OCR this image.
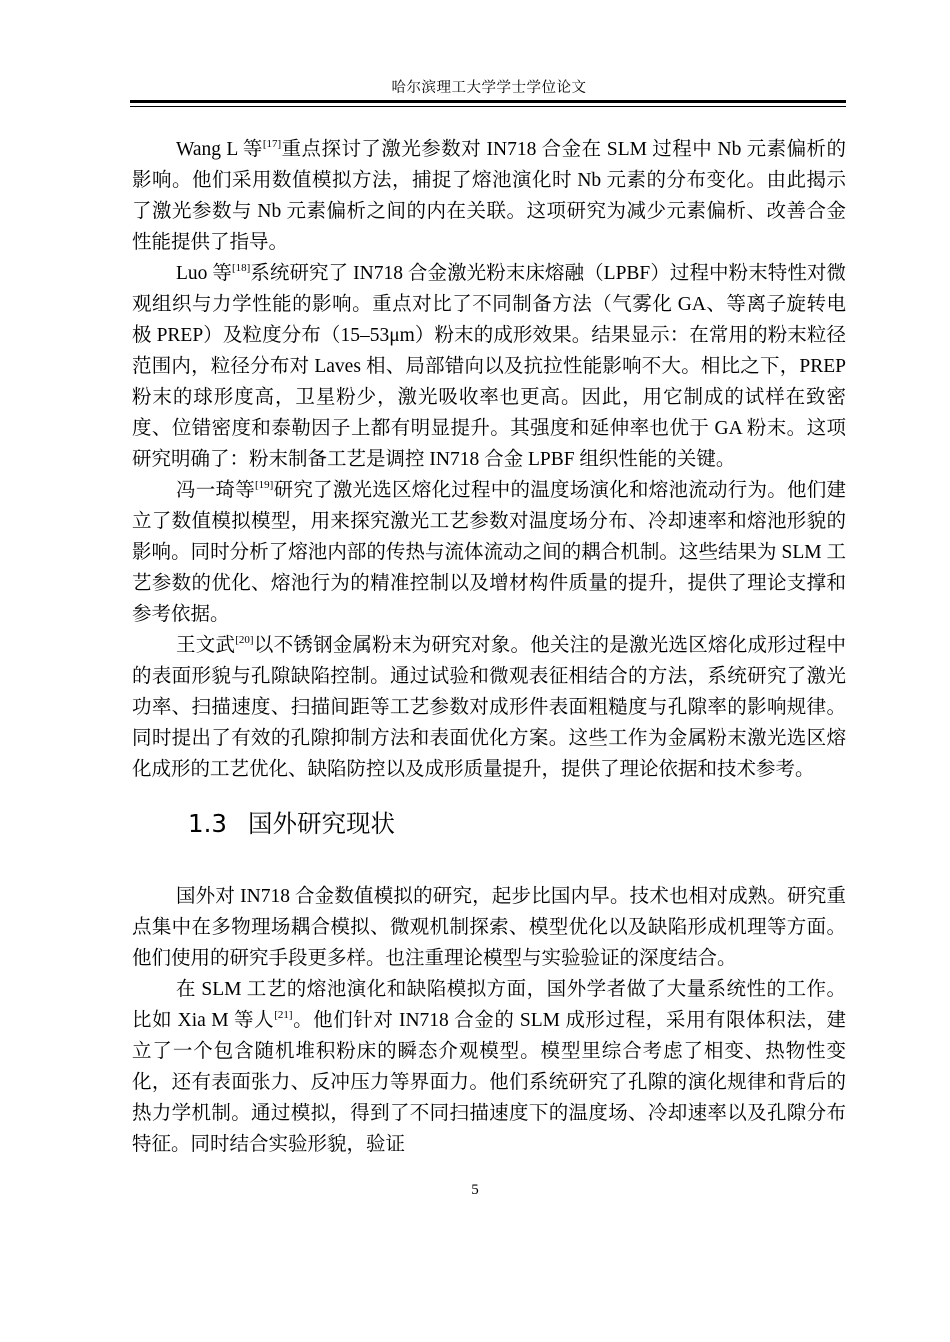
哈尔滨理工大学学士学位论文

Wang L 等[17]重点探讨了激光参数对 IN718 合金在 SLM 过程中 Nb 元素偏析的影响。他们采用数值模拟方法，捕捉了熔池演化时 Nb 元素的分布变化。由此揭示了激光参数与 Nb 元素偏析之间的内在关联。这项研究为减少元素偏析、改善合金性能提供了指导。

Luo 等[18]系统研究了 IN718 合金激光粉末床熔融（LPBF）过程中粉末特性对微观组织与力学性能的影响。重点对比了不同制备方法（气雾化 GA、等离子旋转电极 PREP）及粒度分布（15–53μm）粉末的成形效果。结果显示：在常用的粉末粒径范围内，粒径分布对 Laves 相、局部错向以及抗拉性能影响不大。相比之下，PREP 粉末的球形度高，卫星粉少，激光吸收率也更高。因此，用它制成的试样在致密度、位错密度和泰勒因子上都有明显提升。其强度和延伸率也优于 GA 粉末。这项研究明确了：粉末制备工艺是调控 IN718 合金 LPBF 组织性能的关键。

冯一琦等[19]研究了激光选区熔化过程中的温度场演化和熔池流动行为。他们建立了数值模拟模型，用来探究激光工艺参数对温度场分布、冷却速率和熔池形貌的影响。同时分析了熔池内部的传热与流体流动之间的耦合机制。这些结果为 SLM 工艺参数的优化、熔池行为的精准控制以及增材构件质量的提升，提供了理论支撑和参考依据。

王文武[20]以不锈钢金属粉末为研究对象。他关注的是激光选区熔化成形过程中的表面形貌与孔隙缺陷控制。通过试验和微观表征相结合的方法，系统研究了激光功率、扫描速度、扫描间距等工艺参数对成形件表面粗糙度与孔隙率的影响规律。同时提出了有效的孔隙抑制方法和表面优化方案。这些工作为金属粉末激光选区熔化成形的工艺优化、缺陷防控以及成形质量提升，提供了理论依据和技术参考。

1.3 国外研究现状

国外对 IN718 合金数值模拟的研究，起步比国内早。技术也相对成熟。研究重点集中在多物理场耦合模拟、微观机制探索、模型优化以及缺陷形成机理等方面。他们使用的研究手段更多样。也注重理论模型与实验验证的深度结合。

在 SLM 工艺的熔池演化和缺陷模拟方面，国外学者做了大量系统性的工作。比如 Xia M 等人[21]。他们针对 IN718 合金的 SLM 成形过程，采用有限体积法，建立了一个包含随机堆积粉床的瞬态介观模型。模型里综合考虑了相变、热物性变化，还有表面张力、反冲压力等界面力。他们系统研究了孔隙的演化规律和背后的热力学机制。通过模拟，得到了不同扫描速度下的温度场、冷却速率以及孔隙分布特征。同时结合实验形貌，验证

5
